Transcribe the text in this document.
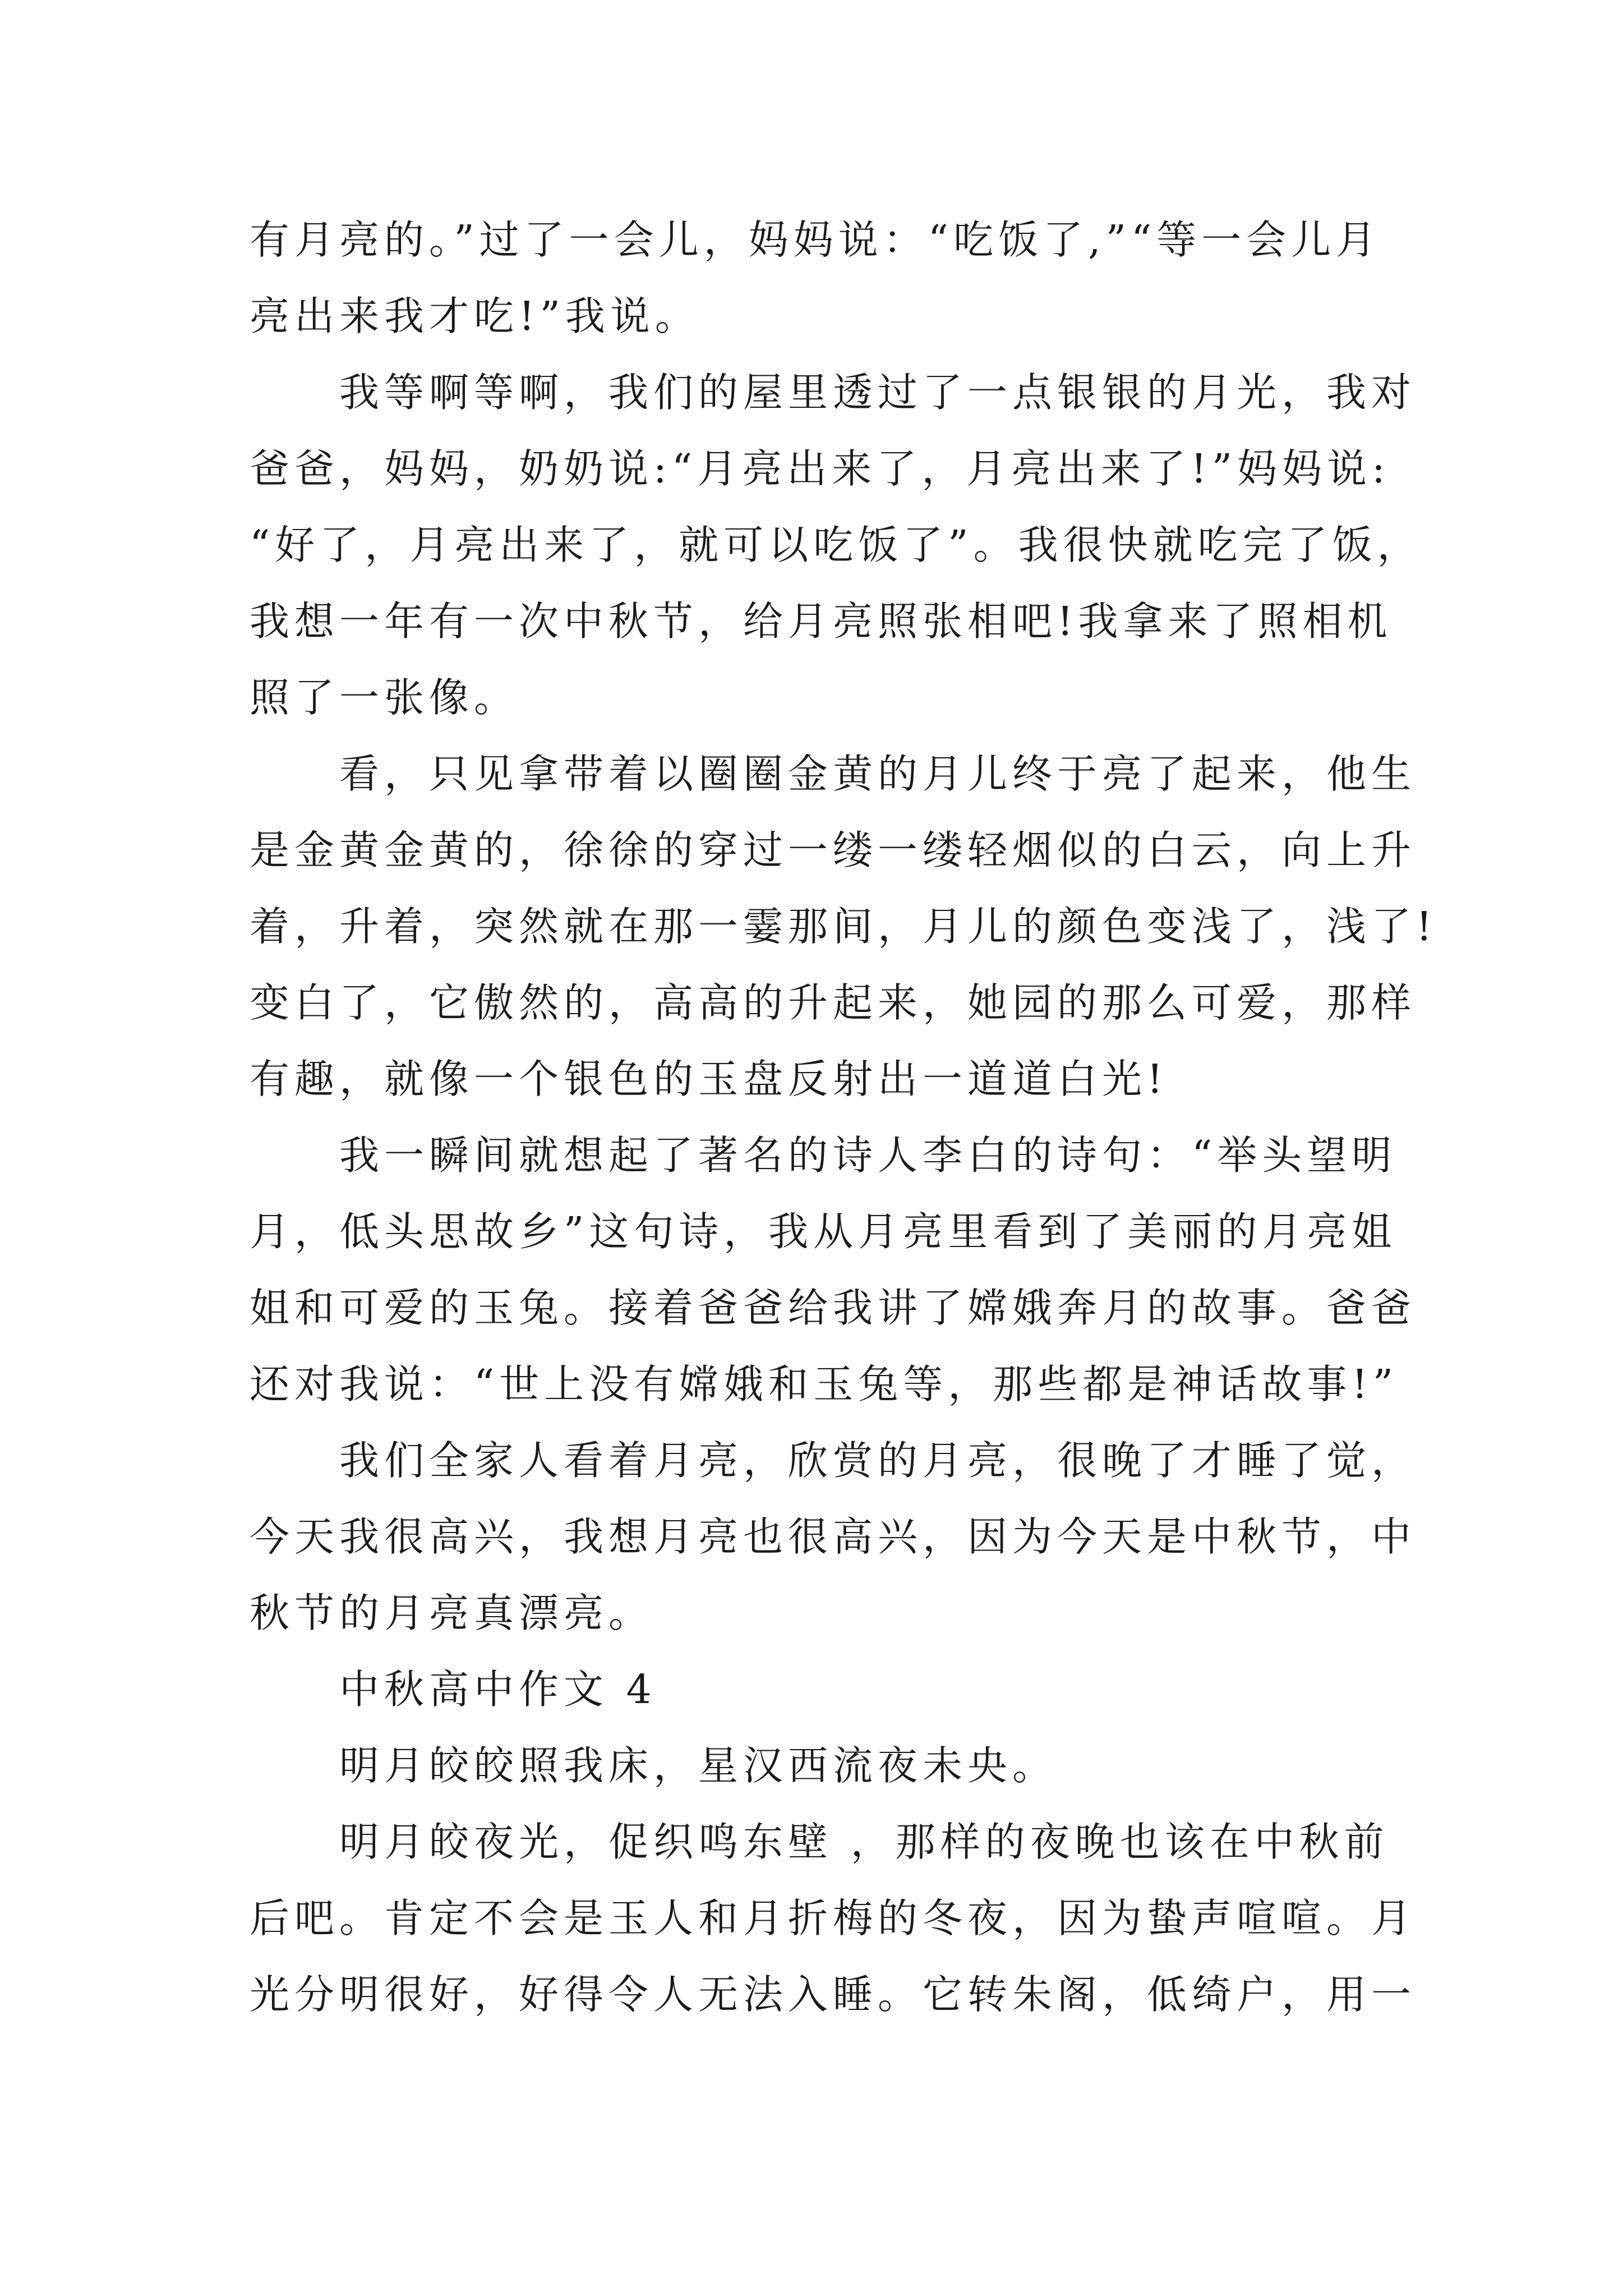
有月亮的。”过了一会儿，妈妈说：“吃饭了,”“等一会儿月
亮出来我才吃!”我说。
我等啊等啊，我们的屋里透过了一点银银的月光，我对
爸爸，妈妈，奶奶说:“月亮出来了，月亮出来了!”妈妈说:
“好了，月亮出来了，就可以吃饭了”。我很快就吃完了饭，
我想一年有一次中秋节，给月亮照张相吧!我拿来了照相机
照了一张像。
看，只见拿带着以圈圈金黄的月儿终于亮了起来，他生
是金黄金黄的，徐徐的穿过一缕一缕轻烟似的白云，向上升
着，升着，突然就在那一霎那间，月儿的颜色变浅了，浅了!
变白了，它傲然的，高高的升起来，她园的那么可爱，那样
有趣，就像一个银色的玉盘反射出一道道白光!
我一瞬间就想起了著名的诗人李白的诗句：“举头望明
月，低头思故乡”这句诗，我从月亮里看到了美丽的月亮姐
姐和可爱的玉兔。接着爸爸给我讲了嫦娥奔月的故事。爸爸
还对我说：“世上没有嫦娥和玉兔等，那些都是神话故事!”
我们全家人看着月亮，欣赏的月亮，很晚了才睡了觉，
今天我很高兴，我想月亮也很高兴，因为今天是中秋节，中
秋节的月亮真漂亮。
中秋高中作文 4
明月皎皎照我床，星汉西流夜未央。
明月皎夜光，促织鸣东壁 ，那样的夜晚也该在中秋前
后吧。肯定不会是玉人和月折梅的冬夜，因为蛰声喧喧。月
光分明很好，好得令人无法入睡。它转朱阁，低绮户，用一
